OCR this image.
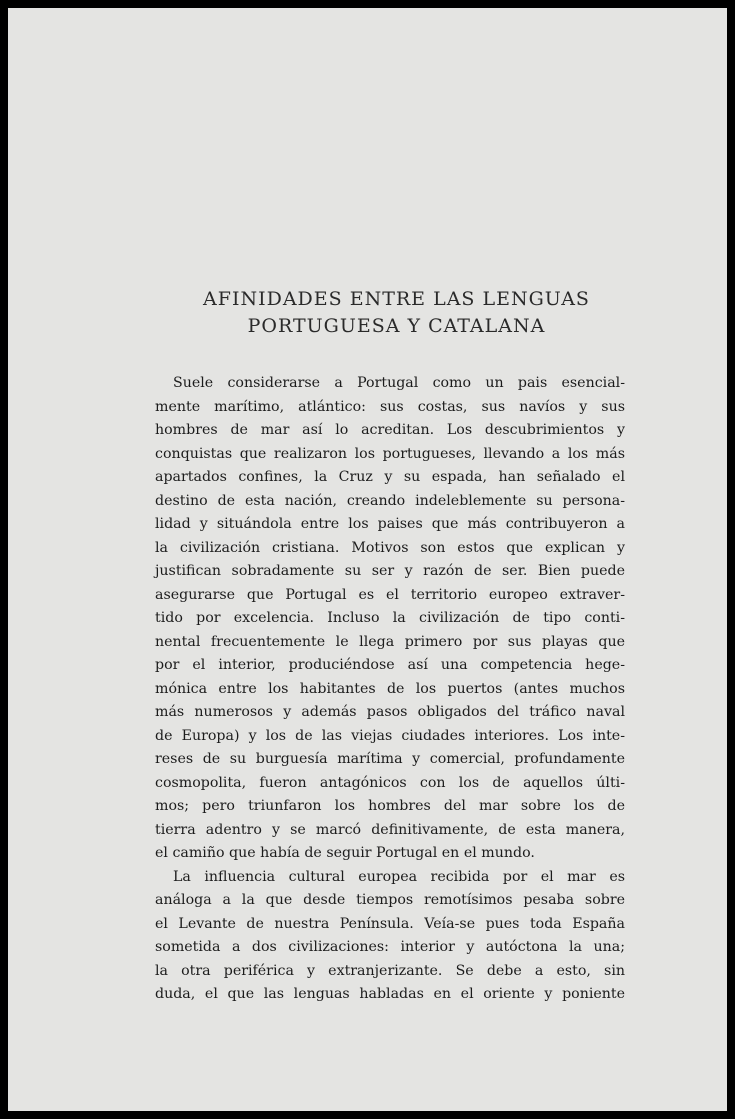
AFINIDADES ENTRE LAS LENGUAS
PORTUGUESA Y CATALANA
Suele considerarse a Portugal como un pais esencial-
mente marítimo, atlántico: sus costas, sus navíos y sus
hombres de mar así lo acreditan. Los descubrimientos y
conquistas que realizaron los portugueses, llevando a los más
apartados confines, la Cruz y su espada, han señalado el
destino de esta nación, creando indeleblemente su persona-
lidad y situándola entre los paises que más contribuyeron a
la civilización cristiana. Motivos son estos que explican y
justifican sobradamente su ser y razón de ser. Bien puede
asegurarse que Portugal es el territorio europeo extraver-
tido por excelencia. Incluso la civilización de tipo conti-
nental frecuentemente le llega primero por sus playas que
por el interior, produciéndose así una competencia hege-
mónica entre los habitantes de los puertos (antes muchos
más numerosos y además pasos obligados del tráfico naval
de Europa) y los de las viejas ciudades interiores. Los inte-
reses de su burguesía marítima y comercial, profundamente
cosmopolita, fueron antagónicos con los de aquellos últi-
mos; pero triunfaron los hombres del mar sobre los de
tierra adentro y se marcó definitivamente, de esta manera,
el camiño que había de seguir Portugal en el mundo.
La influencia cultural europea recibida por el mar es
análoga a la que desde tiempos remotísimos pesaba sobre
el Levante de nuestra Península. Veía-se pues toda España
sometida a dos civilizaciones: interior y autóctona la una;
la otra periférica y extranjerizante. Se debe a esto, sin
duda, el que las lenguas habladas en el oriente y poniente
